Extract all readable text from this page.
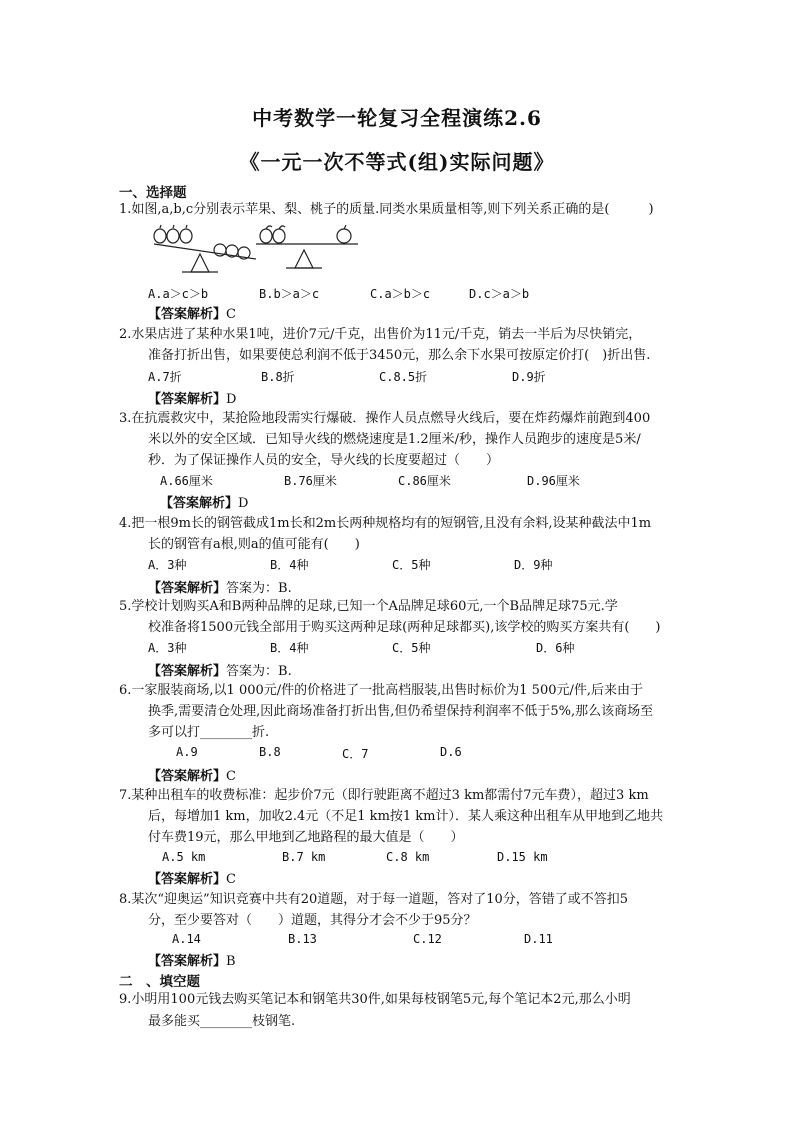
中考数学一轮复习全程演练2.6
《一元一次不等式(组)实际问题》
一、选择题
1.如图,a,b,c分别表示苹果、梨、桃子的质量.同类水果质量相等,则下列关系正确的是(　　　)
A.a＞c＞b	B.b＞a＞c	C.a＞b＞c	D.c＞a＞b
【答案解析】C
2.水果店进了某种水果1吨，进价7元/千克，出售价为11元/千克，销去一半后为尽快销完，
准备打折出售，如果要使总利润不低于3450元，那么余下水果可按原定价打(　)折出售.
A.7折	B.8折	C.8.5折	D.9折
【答案解析】D
3.在抗震救灾中，某抢险地段需实行爆破．操作人员点燃导火线后，要在炸药爆炸前跑到400
米以外的安全区域．已知导火线的燃烧速度是1.2厘米/秒，操作人员跑步的速度是5米/
秒．为了保证操作人员的安全，导火线的长度要超过（　　）
A.66厘米	B.76厘米	C.86厘米	D.96厘米
【答案解析】D
4.把一根9m长的钢管截成1m长和2m长两种规格均有的短钢管,且没有余料,设某种截法中1m
长的钢管有a根,则a的值可能有(　　)
A．3种	B．4种	C．5种	D．9种
【答案解析】答案为：B.
5.学校计划购买A和B两种品牌的足球,已知一个A品牌足球60元,一个B品牌足球75元.学
校准备将1500元钱全部用于购买这两种足球(两种足球都买),该学校的购买方案共有(　　)
A．3种	B．4种	C．5种	D．6种
【答案解析】答案为：B.
6.一家服装商场,以1 000元/件的价格进了一批高档服装,出售时标价为1 500元/件,后来由于
换季,需要清仓处理,因此商场准备打折出售,但仍希望保持利润率不低于5%,那么该商场至
多可以打________折.
A.9	B.8	C．7	D.6
【答案解析】C
7.某种出租车的收费标准：起步价7元（即行驶距离不超过3 km都需付7元车费），超过3 km
后，每增加1 km，加收2.4元（不足1 km按1 km计）．某人乘这种出租车从甲地到乙地共
付车费19元，那么甲地到乙地路程的最大值是（　　）
A.5 km	B.7 km	C.8 km	D.15 km
【答案解析】C
8.某次“迎奥运”知识竞赛中共有20道题，对于每一道题，答对了10分，答错了或不答扣5
分，至少要答对（　　）道题，其得分才会不少于95分？
A.14	B.13	C.12	D.11
【答案解析】B
二　、填空题
9.小明用100元钱去购买笔记本和钢笔共30件,如果每枝钢笔5元,每个笔记本2元,那么小明
最多能买________枝钢笔.
